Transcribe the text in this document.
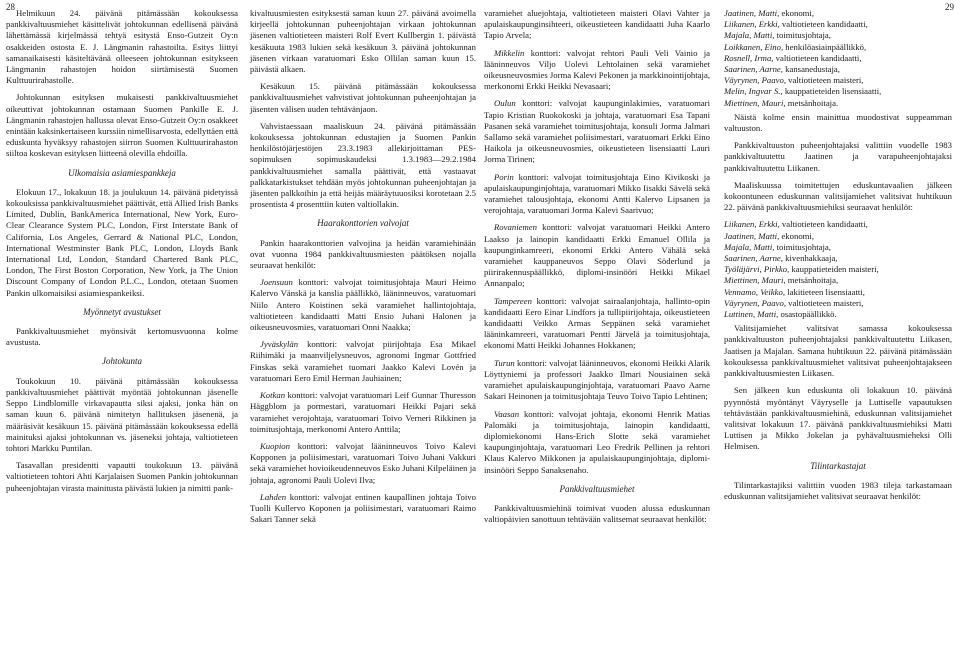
28

Helmikuun 24. päivänä pitämässään kokouksessa pankkivaltuusmiehet käsittelivät johtokunnan edellisenä päivänä lähettämässä kirjelmässä tehtyä esitystä Enso-Gutzeit Oy:n osakkeiden ostosta E. J. Längmanin rahastoilta. Esitys liittyi samanaikaisesti käsiteltävänä olleeseen johtokunnan esitykseen Längmanin rahastojen hoidon siirtämisestä Suomen Kulttuurirahastolle.

Johtokunnan esityksen mukaisesti pankkivaltuusmiehet oikeuttivat johtokunnan ostamaan Suomen Pankille E. J. Längmanin rahastojen hallussa olevat Enso-Gutzeit Oy:n osakkeet enintään kaksinkertaiseen kurssiin nimellisarvosta, edellyttäen että eduskunta hyväksyy rahastojen siirron Suomen Kulttuurirahaston siiltoa koskevan esityksen liitteenä olevilla ehdoilla.

Ulkomaisia asiamiespankkeja

Elokuun 17., lokakuun 18. ja joulukuun 14. päivänä pidetyissä kokouksissa pankkivaltuusmiehet päättivät, että Allied Irish Banks Limited, Dublin, BankAmerica International, New York, Euro-Clear Clearance System PLC, London, First Interstate Bank of California, Los Angeles, Gerrard & National PLC, London, International Westminster Bank PLC, London, Lloyds Bank International Ltd, London, Standard Chartered Bank PLC, London, The First Boston Corporation, New York, ja The Union Discount Company of London P.L.C., London, otetaan Suomen Pankin ulkomaisiksi asiamiespankeiksi.

Myönnetyt avustukset

Pankkivaltuusmiehet myönsivät kertomusvuonna kolme avustusta.

Johtokunta

Toukokuun 10. päivänä pitämässään kokouksessa pankkivaltuusmiehet päättivät myöntää johtokunnan jäsenelle Seppo Lindblomille virkavapautta siksi ajaksi, jonka hän on saman kuun 6. päivänä nimitetyn hallituksen jäsenenä, ja määräsivät kesäkuun 15. päivänä pitämässään kokouksessa edellä mainituksi ajaksi johtokunnan vs. jäseneksi johtaja, valtiotieteen tohtori Markku Puntilan.

Tasavallan presidentti vapautti toukokuun 13. päivänä valtiotieteen tohtori Ahti Karjalaisen Suomen Pankin johtokunnan puheenjohtajan virasta mainitusta päivästä lukien ja nimitti pank-

kivaltuusmiesten esityksestä saman kuun 27. päivänä avoimella kirjeellä johtokunnan puheenjohtajan virkaan johtokunnan jäsenen valtiotieteen maisteri Rolf Evert Kullbergin 1. päivästä kesäkuuta 1983 lukien sekä kesäkuun 3. päivänä johtokunnan jäsenen virkaan varatuomari Esko Ollilan saman kuun 15. päivästä alkaen.

Kesäkuun 15. päivänä pitämässään kokouksessa pankkivaltuusmiehet vahvistivat johtokunnan puheenjohtajan ja jäsenten välisen uuden tehtävänjaon.

Vahvistaessaan maaliskuun 24. päivänä pitämässään kokouksessa johtokunnan edustajien ja Suomen Pankin henkilöstöjärjestöjen 23.3.1983 allekirjoittaman PES-sopimuksen sopimuskaudeksi 1.3.1983—29.2.1984 pankkivaltuusmiehet samalla päättivät, että vastaavat palkkatarkistukset tehdään myös johtokunnan puheenjohtajan ja jäsenten palkkoihin ja että heijäs määräytuuosiksi korotetaan 2.5 prosentista 4 prosenttiin kuten valtiollakin.

Haarakonttorien valvojat

Pankin haarakonttorien valvojina ja heidän varamiehinään ovat vuonna 1984 pankkivaltuusmiesten päätöksen nojalla seuraavat henkilöt:

Joensuun konttori: valvojat toimitusjohtaja Mauri Heimo Kalervo Vänskä ja kanslia päällikkö, lääninneuvos, varatuomari Niilo Antero Koistinen sekä varamiehet hallintojohtaja, valtiotieteen kandidaatti Matti Ensio Juhani Halonen ja oikeusneuvosmies, varatuomari Onni Naakka;

Jyväskylän konttori: valvojat piirijohtaja Esa Mikael Riihimäki ja maanviljelysneuvos, agronomi Ingmar Gottfried Finskas sekä varamiehet tuomari Jaakko Kalevi Lovén ja varatuomari Eero Emil Herman Jauhiainen;

Kotkan konttori: valvojat varatuomari Leif Gunnar Thuresson Häggblom ja pormestari, varatuomari Heikki Pajari sekä varamiehet verojohtaja, varatuomari Toivo Verneri Rikkinen ja toimitusjohtaja, merkonomi Antero Anttila;

Kuopion konttori: valvojat lääninneuvos Toivo Kalevi Kopponen ja poliisimestari, varatuomari Toivo Juhani Vakkuri sekä varamiehet hovioikeudenneuvos Esko Juhani Kilpeläinen ja johtaja, agronomi Pauli Uolevi Ilva;

Lahden konttori: valvojat entinen kaupallinen johtaja Toivo Tuolli Kullervo Koponen ja poliisimestari, varatuomari Raimo Sakari Tanner sekä

29

varamiehet aluejohtaja, valtiotieteen maisteri Olavi Vahter ja apulaiskaupunginsihteeri, oikeustieteen kandidaatti Juha Kaarlo Tapio Arvela;

Mikkelin konttori: valvojat rehtori Pauli Veli Vainio ja lääninneuvos Viljo Uolevi Lehtolainen sekä varamiehet oikeusneuvosmies Jorma Kalevi Pekonen ja markkinointijohtaja, merkonomi Erkki Heikki Nevasaari;

Oulun konttori: valvojat kaupunginlakimies, varatuomari Tapio Kristian Ruokokoski ja johtaja, varatuomari Esa Tapani Pasanen sekä varamiehet toimitusjohtaja, konsuli Jorma Jalmari Sallamo sekä varamiehet poliisimestari, varatuomari Erkki Eino Haikola ja oikeusneuvosmies, oikeustieteen lisensiaatti Lauri Jorma Tirinen;

Porin konttori: valvojat toimitusjohtaja Eino Kivikoski ja apulaiskaupunginjohtaja, varatuomari Mikko Iisakki Sävelä sekä varamiehet talousjohtaja, ekonomi Antti Kalervo Lipsanen ja verojohtaja, varatuomari Jorma Kalevi Saarivuo;

Rovaniemen konttori: valvojat varatuomari Heikki Antero Laakso ja lainopin kandidaatti Erkki Emanuel Ollila ja kaupunginkamreeri, ekonomi Erkki Antero Vähälä sekä varamiehet kauppaneuvos Seppo Olavi Söderlund ja piirirakennuspäällikkö, diplomi-insinööri Heikki Mikael Annanpalo;

Tampereen konttori: valvojat sairaalanjohtaja, hallinto-opin kandidaatti Eero Einar Lindfors ja tullipiirijohtaja, oikeustieteen kandidaatti Veikko Armas Seppänen sekä varamiehet lääninkamreeri, varatuomari Pentti Järvelä ja toimitusjohtaja, ekonomi Matti Heikki Johannes Hokkanen;

Turun konttori: valvojat lääninneuvos, ekonomi Heikki Alarik Löyttyniemi ja professori Jaakko Ilmari Nousiainen sekä varamiehet apulaiskaupunginjohtaja, varatuomari Paavo Aarne Sakari Heinonen ja toimitusjohtaja Teuvo Toivo Tapio Lehtinen;

Vaasan konttori: valvojat johtaja, ekonomi Henrik Matias Palomäki ja toimitusjohtaja, lainopin kandidaatti, diplomiekonomi Hans-Erich Slotte sekä varamiehet kaupunginjohtaja, varatuomari Leo Fredrik Pellinen ja rehtori Klaus Kalervo Mikkonen ja apulaiskaupunginjohtaja, diplomi-insinööri Seppo Sanaksenaho.

Pankkivaltuusmiehet

Pankkivaltuusmiehinä toimivat vuoden alussa eduskunnan valtiopäivien sanottuun tehtävään valitsemat seuraavat henkilöt:

Jaatinen, Matti, ekonomi,
Liikanen, Erkki, valtiotieteen kandidaatti,
Majala, Matti, toimitusjohtaja,
Loikkanen, Eino, henkilöasiainpäällikkö,
Rosnell, Irma, valtiotieteen kandidaatti,
Saarinen, Aarne, kansanedustaja,
Väyrynen, Paavo, valtiotieteen maisteri,
Melin, Ingvar S., kauppatieteiden lisensiaatti,
Miettinen, Mauri, metsänhoitaja.

Näistä kolme ensin mainittua muodostivat suppeamman valtuuston.

Pankkivaltuuston puheenjohtajaksi valittiin vuodelle 1983 pankkivaltuutettu Jaatinen ja varapuheenjohtajaksi pankkivaltuutettu Liikanen.

Maaliskuussa toimitettujen eduskuntavaalien jälkeen kokoontuneen eduskunnan valitsijamiehet valitsivat huhtikuun 22. päivänä pankkivaltuusmiehiksi seuraavat henkilöt:

Liikanen, Erkki, valtiotieteen kandidaatti,
Jaatinen, Matti, ekonomi,
Majala, Matti, toimitusjohtaja,
Saarinen, Aarne, kivenhakkaaja,
Työläjärvi, Pirkko, kauppatieteiden maisteri,
Miettinen, Mauri, metsänhoitaja,
Vennamo, Veikko, lakitieteen lisensiaatti,
Väyrynen, Paavo, valtiotieteen maisteri,
Luttinen, Matti, osastopäällikkö.

Valitsijamiehet valitsivat samassa kokouksessa pankkivaltuuston puheenjohtajaksi pankkivaltuutettu Liikasen, Jaatisen ja Majalan. Samana huhtikuun 22. päivänä pitämässään kokouksessa pankkivaltuusmiehet valitsivat puheenjohtajakseen pankkivaltuusmiesten Liikasen.

Sen jälkeen kun eduskunta oli lokakuun 10. päivänä pyynnöstä myöntänyt Väyryselle ja Luttiselle vapautuksen tehtävästään pankkivaltuusmiehinä, eduskunnan valitsijamiehet valitsivat lokakuun 17. päivänä pankkivaltuusmiehiksi Matti Luttisen ja Mikko Jokelan ja pyhävaltuusmieheksi Olli Helmisen.

Tilintarkastajat

Tilintarkastajiksi valittiin vuoden 1983 tileja tarkastamaan eduskunnan valitsijamiehet valitsivat seuraavat henkilöt:
